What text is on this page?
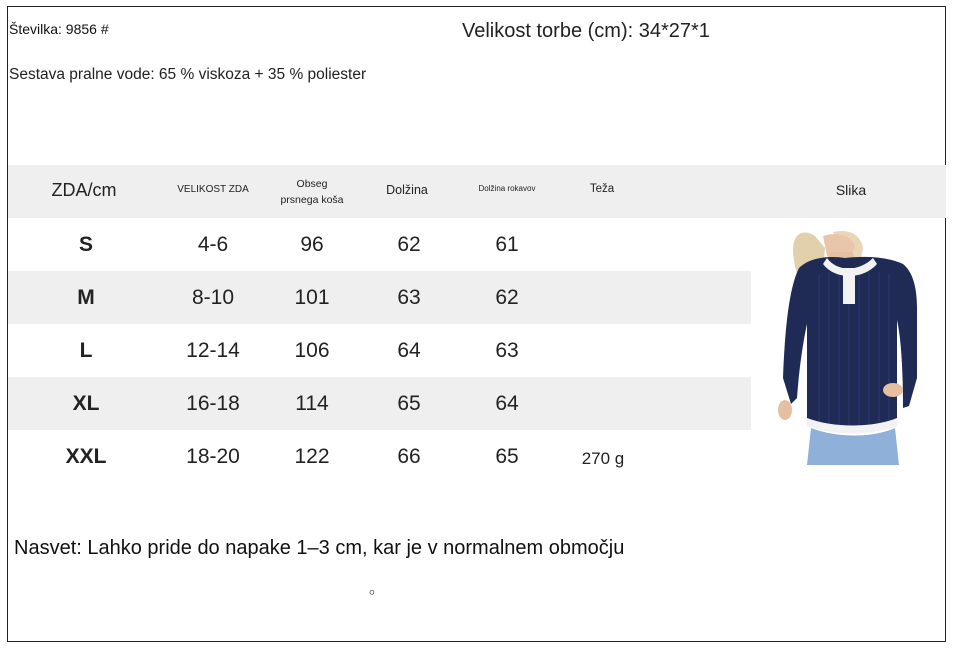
Številka: 9856 #	Velikost torbe (cm): 34*27*1
Sestava pralne vode: 65 % viskoza + 35 % poliester
ZDA/cm	VELIKOST ZDA	Obseg
prsnega koša
Dolžina	Dolžina rokavov	Teža	Slika
S	4-6	96	62	61
M	8-10	101	63	62
L	12-14	106	64	63
XL	16-18	114	65	64
XXL	18-20	122	66	65	270 g
Nasvet: Lahko pride do napake 1–3 cm, kar je v normalnem območju
。
